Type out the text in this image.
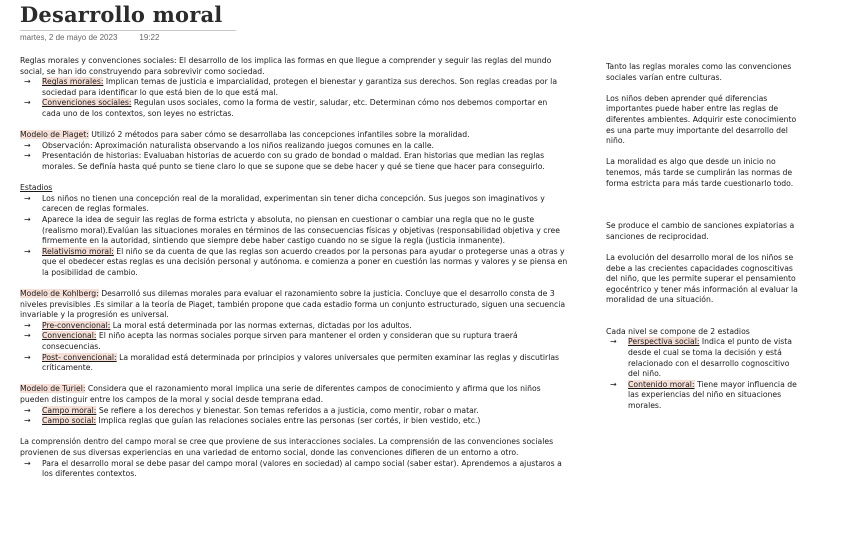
Desarrollo moral
martes, 2 de mayo de 2023	19:22

Reglas morales y convenciones sociales: El desarrollo de los implica las formas en que llegue a comprender y seguir las reglas del mundo social, se han ido construyendo para sobrevivir como sociedad.

→ Reglas morales: Implican temas de justicia e imparcialidad, protegen el bienestar y garantiza sus derechos. Son reglas creadas por la sociedad para identificar lo que está bien de lo que está mal.
→ Convenciones sociales: Regulan usos sociales, como la forma de vestir, saludar, etc. Determinan cómo nos debemos comportar en cada uno de los contextos, son leyes no estrictas.

Modelo de Piaget: Utilizó 2 métodos para saber cómo se desarrollaba las concepciones infantiles sobre la moralidad.

→ Observación: Aproximación naturalista observando a los niños realizando juegos comunes en la calle.
→ Presentación de historias: Evaluaban historias de acuerdo con su grado de bondad o maldad. Eran historias que median las reglas morales. Se definía hasta qué punto se tiene claro lo que se supone que se debe hacer y qué se tiene que hacer para conseguirlo.

Estadios

→ Los niños no tienen una concepción real de la moralidad, experimentan sin tener dicha concepción. Sus juegos son imaginativos y carecen de reglas formales.
→ Aparece la idea de seguir las reglas de forma estricta y absoluta, no piensan en cuestionar o cambiar una regla que no le guste (realismo moral).Evalúan las situaciones morales en términos de las consecuencias físicas y objetivas (responsabilidad objetiva y cree firmemente en la autoridad, sintiendo que siempre debe haber castigo cuando no se sigue la regla (justicia inmanente).
→ Relativismo moral: El niño se da cuenta de que las reglas son acuerdo creados por la personas para ayudar o protegerse unas a otras y que el obedecer estas reglas es una decisión personal y autónoma. e comienza a poner en cuestión las normas y valores y se piensa en la posibilidad de cambio.

Modelo de Kohlberg: Desarrolló sus dilemas morales para evaluar el razonamiento sobre la justicia. Concluye que el desarrollo consta de 3 niveles previsibles .Es similar a la teoría de Piaget, también propone que cada estadio forma un conjunto estructurado, siguen una secuencia invariable y la progresión es universal.

→ Pre-convencional: La moral está determinada por las normas externas, dictadas por los adultos.
→ Convencional: El niño acepta las normas sociales porque sirven para mantener el orden y consideran que su ruptura traerá consecuencias.
→ Post- convencional: La moralidad está determinada por principios y valores universales que permiten examinar las reglas y discutirlas críticamente.

Modelo de Turiel: Considera que el razonamiento moral implica una serie de diferentes campos de conocimiento y afirma que los niños pueden distinguir entre los campos de la moral y social desde temprana edad.

→ Campo moral: Se refiere a los derechos y bienestar. Son temas referidos a a justicia, como mentir, robar o matar.
→ Campo social: Implica reglas que guían las relaciones sociales entre las personas (ser cortés, ir bien vestido, etc.)

La comprensión dentro del campo moral se cree que proviene de sus interacciones sociales. La comprensión de las convenciones sociales provienen de sus diversas experiencias en una variedad de entorno social, donde las convenciones difieren de un entorno a otro.

→ Para el desarrollo moral se debe pasar del campo moral (valores en sociedad) al campo social (saber estar). Aprendemos a ajustaros a los diferentes contextos.

Tanto las reglas morales como las convenciones sociales varían entre culturas.

Los niños deben aprender qué diferencias importantes puede haber entre las reglas de diferentes ambientes. Adquirir este conocimiento es una parte muy importante del desarrollo del niño.

La moralidad es algo que desde un inicio no tenemos, más tarde se cumplirán las normas de forma estricta para más tarde cuestionarlo todo.

Se produce el cambio de sanciones expiatorias a sanciones de reciprocidad.

La evolución del desarrollo moral de los niños se debe a las crecientes capacidades cognoscitivas del niño, que les permite superar el pensamiento egocéntrico y tener más información al evaluar la moralidad de una situación.

Cada nivel se compone de 2 estadios

→ Perspectiva social: Indica el punto de vista desde el cual se toma la decisión y está relacionado con el desarrollo cognoscitivo del niño.
→ Contenido moral: Tiene mayor influencia de las experiencias del niño en situaciones morales.
